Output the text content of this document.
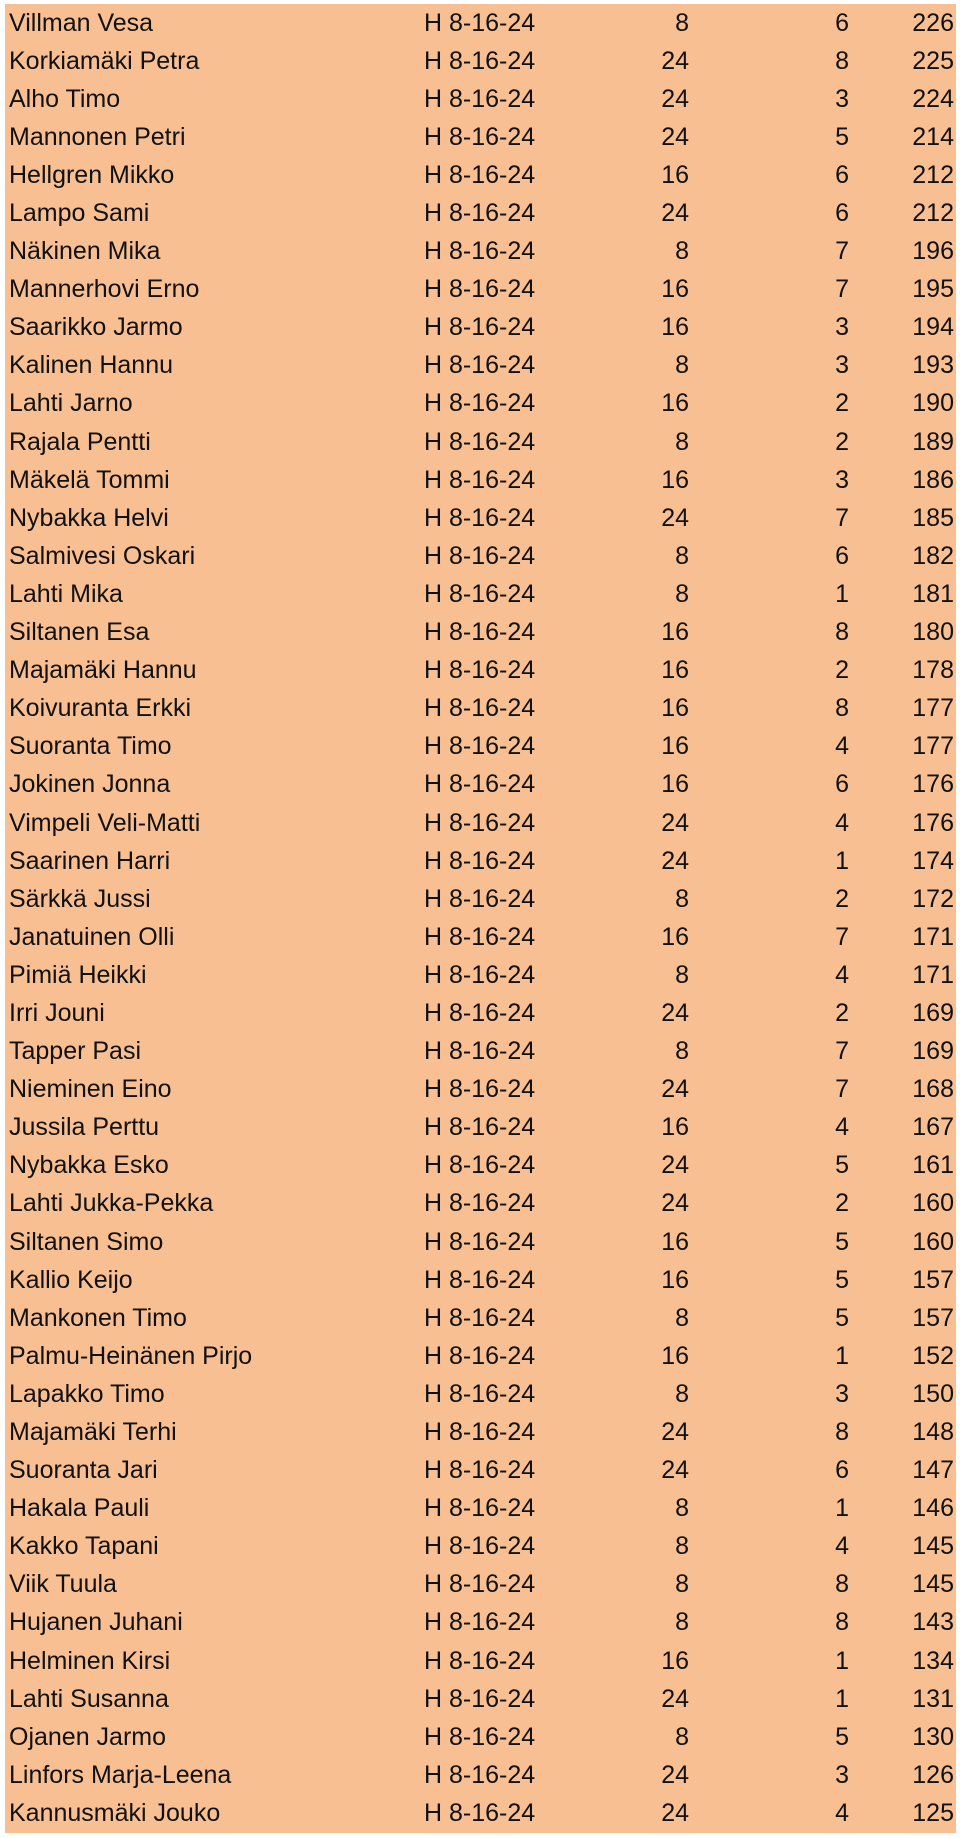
Villman Vesa	H 8-16-24	8	6	226
Korkiamäki Petra	H 8-16-24	24	8	225
Alho Timo	H 8-16-24	24	3	224
Mannonen Petri	H 8-16-24	24	5	214
Hellgren Mikko	H 8-16-24	16	6	212
Lampo Sami	H 8-16-24	24	6	212
Näkinen Mika	H 8-16-24	8	7	196
Mannerhovi Erno	H 8-16-24	16	7	195
Saarikko Jarmo	H 8-16-24	16	3	194
Kalinen Hannu	H 8-16-24	8	3	193
Lahti Jarno	H 8-16-24	16	2	190
Rajala Pentti	H 8-16-24	8	2	189
Mäkelä Tommi	H 8-16-24	16	3	186
Nybakka Helvi	H 8-16-24	24	7	185
Salmivesi Oskari	H 8-16-24	8	6	182
Lahti Mika	H 8-16-24	8	1	181
Siltanen Esa	H 8-16-24	16	8	180
Majamäki Hannu	H 8-16-24	16	2	178
Koivuranta Erkki	H 8-16-24	16	8	177
Suoranta Timo	H 8-16-24	16	4	177
Jokinen Jonna	H 8-16-24	16	6	176
Vimpeli Veli-Matti	H 8-16-24	24	4	176
Saarinen Harri	H 8-16-24	24	1	174
Särkkä Jussi	H 8-16-24	8	2	172
Janatuinen Olli	H 8-16-24	16	7	171
Pimiä Heikki	H 8-16-24	8	4	171
Irri Jouni	H 8-16-24	24	2	169
Tapper Pasi	H 8-16-24	8	7	169
Nieminen Eino	H 8-16-24	24	7	168
Jussila Perttu	H 8-16-24	16	4	167
Nybakka Esko	H 8-16-24	24	5	161
Lahti Jukka-Pekka	H 8-16-24	24	2	160
Siltanen Simo	H 8-16-24	16	5	160
Kallio Keijo	H 8-16-24	16	5	157
Mankonen Timo	H 8-16-24	8	5	157
Palmu-Heinänen Pirjo	H 8-16-24	16	1	152
Lapakko Timo	H 8-16-24	8	3	150
Majamäki Terhi	H 8-16-24	24	8	148
Suoranta Jari	H 8-16-24	24	6	147
Hakala Pauli	H 8-16-24	8	1	146
Kakko Tapani	H 8-16-24	8	4	145
Viik Tuula	H 8-16-24	8	8	145
Hujanen Juhani	H 8-16-24	8	8	143
Helminen Kirsi	H 8-16-24	16	1	134
Lahti Susanna	H 8-16-24	24	1	131
Ojanen Jarmo	H 8-16-24	8	5	130
Linfors Marja-Leena	H 8-16-24	24	3	126
Kannusmäki Jouko	H 8-16-24	24	4	125
